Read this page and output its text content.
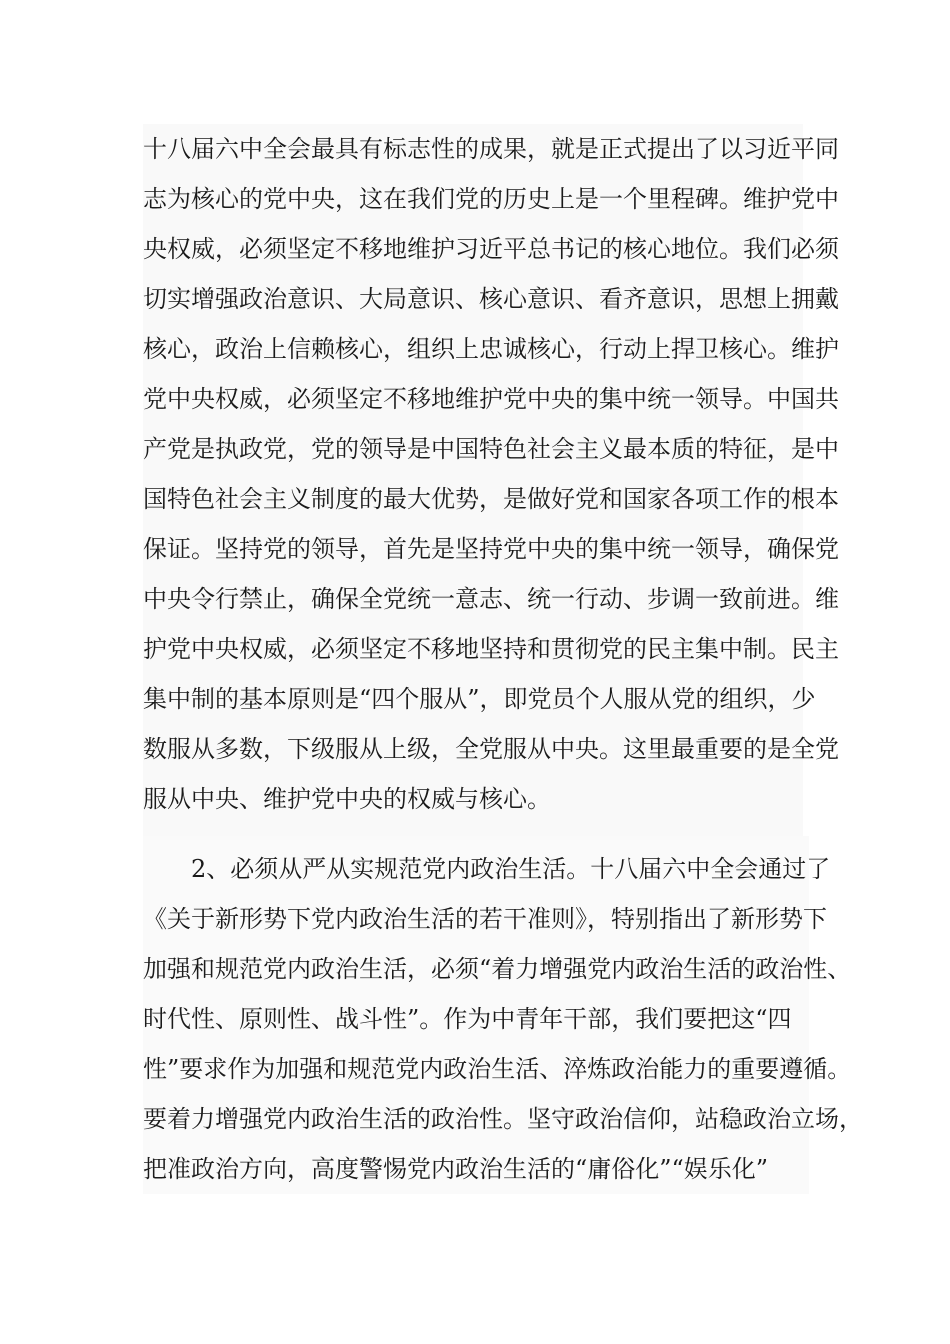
十八届六中全会最具有标志性的成果，就是正式提出了以习近平同
志为核心的党中央，这在我们党的历史上是一个里程碑。维护党中
央权威，必须坚定不移地维护习近平总书记的核心地位。我们必须
切实增强政治意识、大局意识、核心意识、看齐意识，思想上拥戴
核心，政治上信赖核心，组织上忠诚核心，行动上捍卫核心。维护
党中央权威，必须坚定不移地维护党中央的集中统一领导。中国共
产党是执政党，党的领导是中国特色社会主义最本质的特征，是中
国特色社会主义制度的最大优势，是做好党和国家各项工作的根本
保证。坚持党的领导，首先是坚持党中央的集中统一领导，确保党
中央令行禁止，确保全党统一意志、统一行动、步调一致前进。维
护党中央权威，必须坚定不移地坚持和贯彻党的民主集中制。民主
集中制的基本原则是“四个服从”，即党员个人服从党的组织，少
数服从多数，下级服从上级，全党服从中央。这里最重要的是全党
服从中央、维护党中央的权威与核心。
2、必须从严从实规范党内政治生活。十八届六中全会通过了
《关于新形势下党内政治生活的若干准则》，特别指出了新形势下
加强和规范党内政治生活，必须“着力增强党内政治生活的政治性、
时代性、原则性、战斗性”。作为中青年干部，我们要把这“四
性”要求作为加强和规范党内政治生活、淬炼政治能力的重要遵循。
要着力增强党内政治生活的政治性。坚守政治信仰，站稳政治立场，
把准政治方向，高度警惕党内政治生活的“庸俗化”“娱乐化”
